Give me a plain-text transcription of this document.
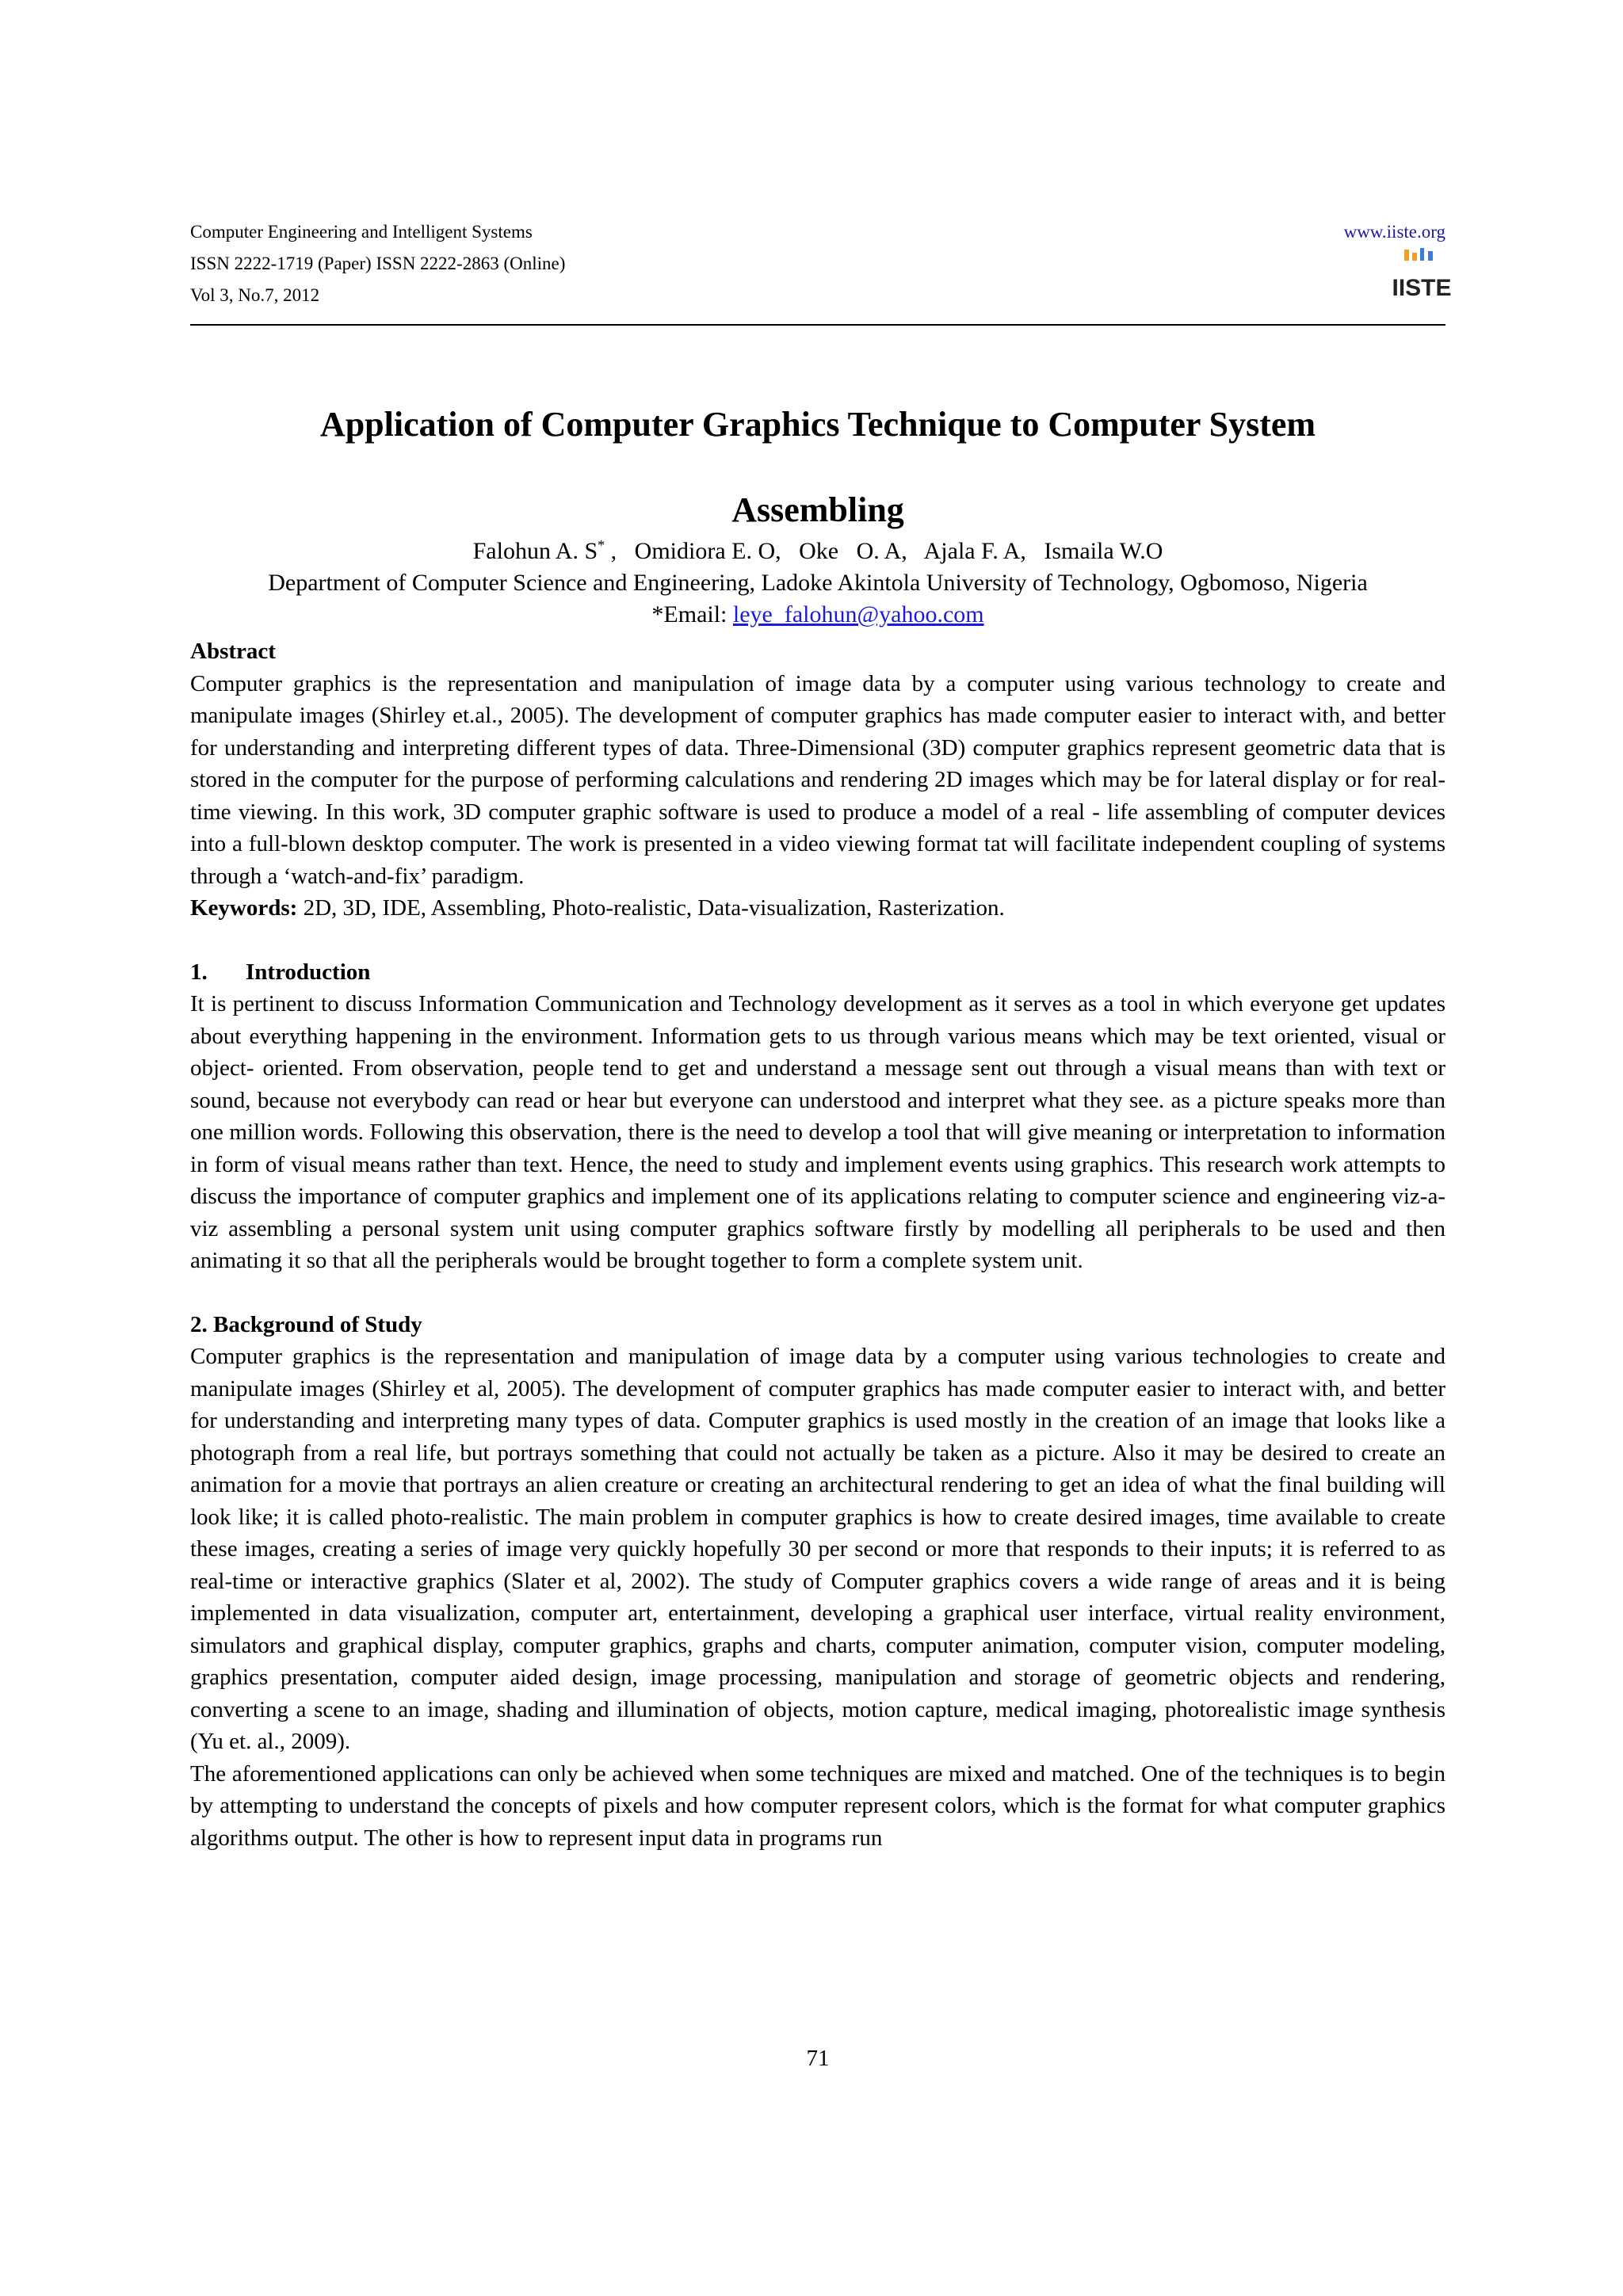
Computer Engineering and Intelligent Systems
ISSN 2222-1719 (Paper) ISSN 2222-2863 (Online)
Vol 3, No.7, 2012
www.iiste.org
IISTE
Application of Computer Graphics Technique to Computer System
Assembling
Falohun A. S* ,   Omidiora E. O,   Oke   O. A,   Ajala F. A,   Ismaila W.O
Department of Computer Science and Engineering, Ladoke Akintola University of Technology, Ogbomoso, Nigeria
*Email: leye_falohun@yahoo.com

Abstract

Computer graphics is the representation and manipulation of image data by a computer using various technology to create and manipulate images (Shirley et.al., 2005). The development of computer graphics has made computer easier to interact with, and better for understanding and interpreting different types of data. Three-Dimensional (3D) computer graphics represent geometric data that is stored in the computer for the purpose of performing calculations and rendering 2D images which may be for lateral display or for real-time viewing. In this work, 3D computer graphic software is used to produce a model of a real - life assembling of computer devices into a full-blown desktop computer. The work is presented in a video viewing format tat will facilitate independent coupling of systems through a ‘watch-and-fix’ paradigm.

Keywords: 2D, 3D, IDE, Assembling, Photo-realistic, Data-visualization, Rasterization.

1. Introduction

It is pertinent to discuss Information Communication and Technology development as it serves as a tool in which everyone get updates about everything happening in the environment. Information gets to us through various means which may be text oriented, visual or object- oriented. From observation, people tend to get and understand a message sent out through a visual means than with text or sound, because not everybody can read or hear but everyone can understood and interpret what they see. as a picture speaks more than one million words. Following this observation, there is the need to develop a tool that will give meaning or interpretation to information in form of visual means rather than text. Hence, the need to study and implement events using graphics. This research work attempts to discuss the importance of computer graphics and implement one of its applications relating to computer science and engineering viz-a-viz assembling a personal system unit using computer graphics software firstly by modelling all peripherals to be used and then animating it so that all the peripherals would be brought together to form a complete system unit.

2. Background of Study

Computer graphics is the representation and manipulation of image data by a computer using various technologies to create and manipulate images (Shirley et al, 2005). The development of computer graphics has made computer easier to interact with, and better for understanding and interpreting many types of data. Computer graphics is used mostly in the creation of an image that looks like a photograph from a real life, but portrays something that could not actually be taken as a picture. Also it may be desired to create an animation for a movie that portrays an alien creature or creating an architectural rendering to get an idea of what the final building will look like; it is called photo-realistic. The main problem in computer graphics is how to create desired images, time available to create these images, creating a series of image very quickly hopefully 30 per second or more that responds to their inputs; it is referred to as real-time or interactive graphics (Slater et al, 2002). The study of Computer graphics covers a wide range of areas and it is being implemented in data visualization, computer art, entertainment, developing a graphical user interface, virtual reality environment, simulators and graphical display, computer graphics, graphs and charts, computer animation, computer vision, computer modeling, graphics presentation, computer aided design, image processing, manipulation and storage of geometric objects and rendering, converting a scene to an image, shading and illumination of objects, motion capture, medical imaging, photorealistic image synthesis (Yu et. al., 2009).

The aforementioned applications can only be achieved when some techniques are mixed and matched. One of the techniques is to begin by attempting to understand the concepts of pixels and how computer represent colors, which is the format for what computer graphics algorithms output. The other is how to represent input data in programs run

71
